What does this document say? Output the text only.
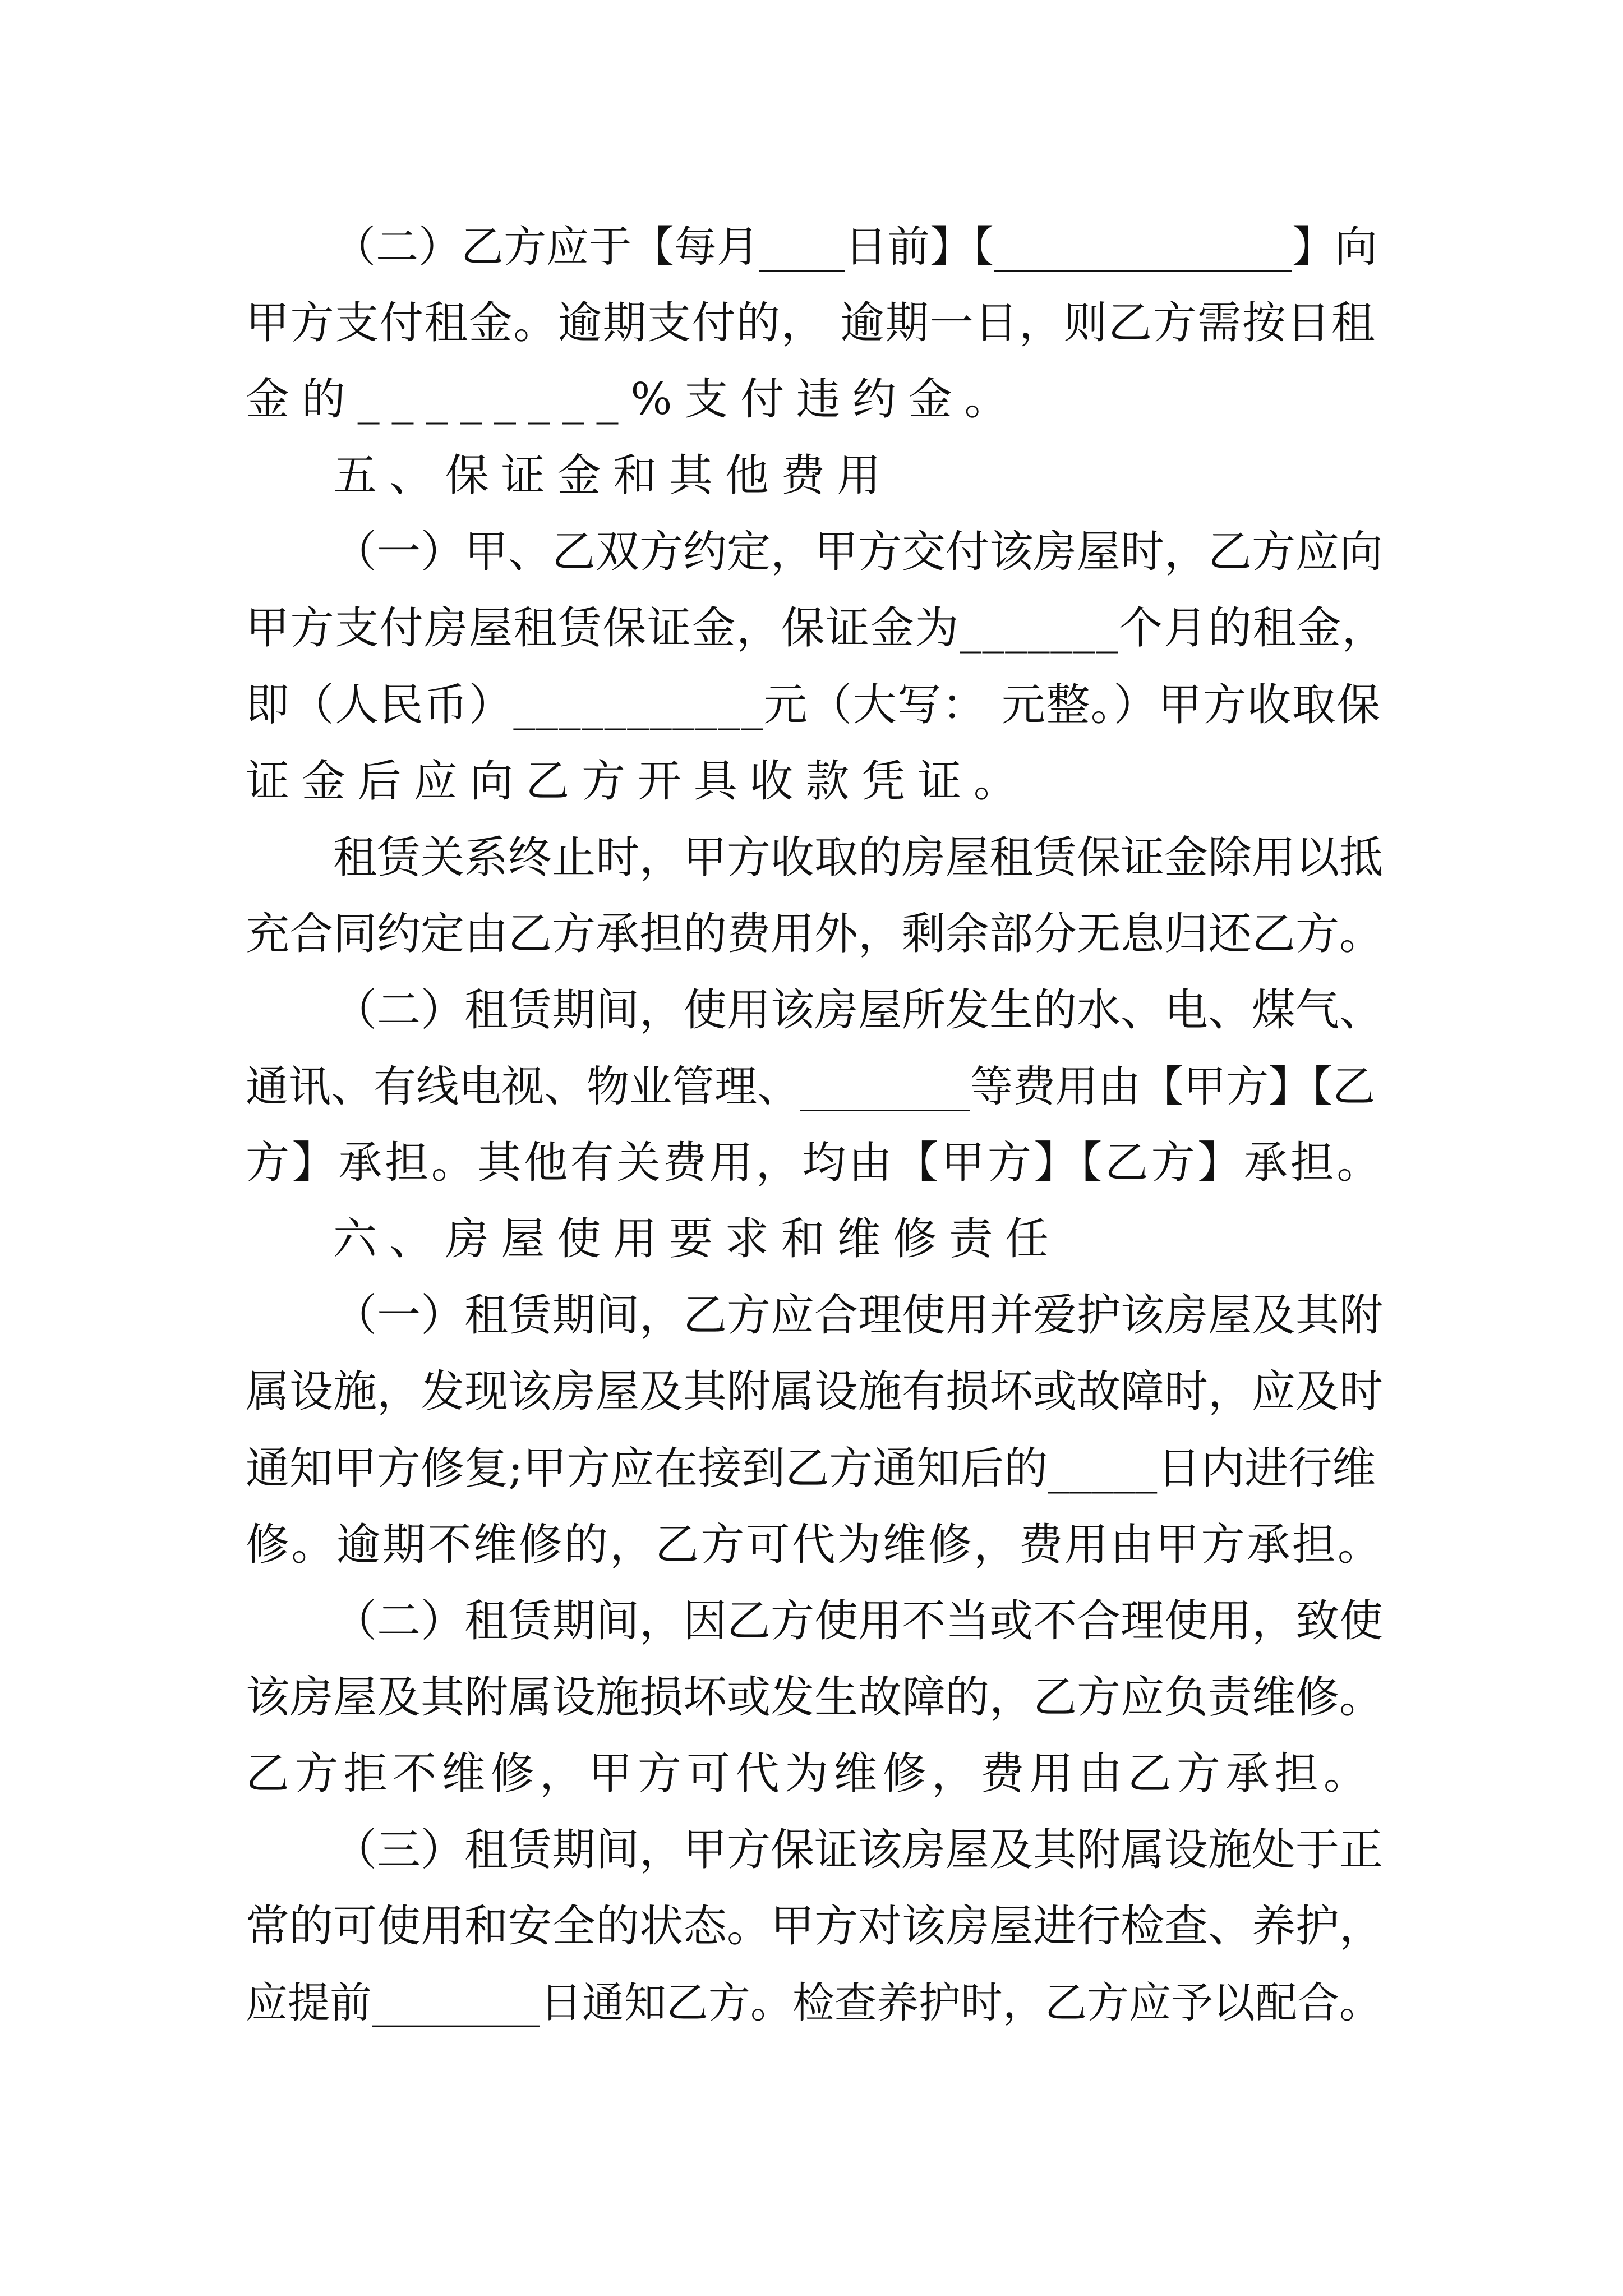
（二）乙方应于【每月____日前】【______________】向
甲方支付租金。逾期支付的， 逾期一日，则乙方需按日租
金的________%支付违约金。
五、保证金和其他费用
（一）甲、乙双方约定，甲方交付该房屋时，乙方应向
甲方支付房屋租赁保证金，保证金为_______个月的租金，
即（人民币）___________元（大写： 元整。）甲方收取保
证金后应向乙方开具收款凭证。
租赁关系终止时，甲方收取的房屋租赁保证金除用以抵
充合同约定由乙方承担的费用外，剩余部分无息归还乙方。
（二）租赁期间，使用该房屋所发生的水、电、煤气、
通讯、有线电视、物业管理、________等费用由【甲方】【乙
方】承担。其他有关费用，均由【甲方】【乙方】承担。
六、房屋使用要求和维修责任
（一）租赁期间，乙方应合理使用并爱护该房屋及其附
属设施，发现该房屋及其附属设施有损坏或故障时，应及时
通知甲方修复;甲方应在接到乙方通知后的_____日内进行维
修。逾期不维修的，乙方可代为维修，费用由甲方承担。
（二）租赁期间，因乙方使用不当或不合理使用，致使
该房屋及其附属设施损坏或发生故障的，乙方应负责维修。
乙方拒不维修，甲方可代为维修，费用由乙方承担。
（三）租赁期间，甲方保证该房屋及其附属设施处于正
常的可使用和安全的状态。甲方对该房屋进行检查、养护，
应提前________日通知乙方。检查养护时，乙方应予以配合。
